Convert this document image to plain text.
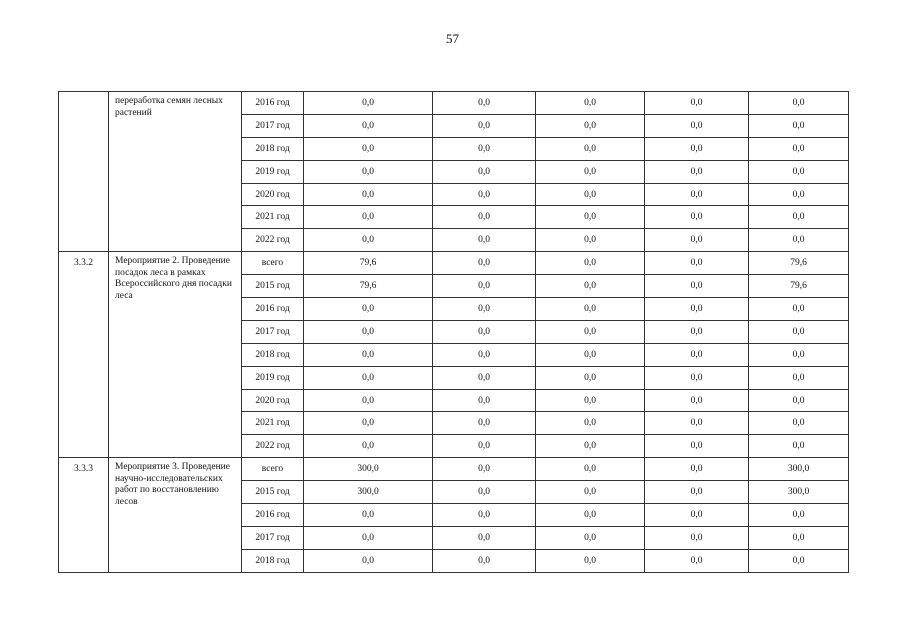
57
	переработка семян лесных растений	2016 год	0,0	0,0	0,0	0,0	0,0
		2017 год	0,0	0,0	0,0	0,0	0,0
		2018 год	0,0	0,0	0,0	0,0	0,0
		2019 год	0,0	0,0	0,0	0,0	0,0
		2020 год	0,0	0,0	0,0	0,0	0,0
		2021 год	0,0	0,0	0,0	0,0	0,0
		2022 год	0,0	0,0	0,0	0,0	0,0
3.3.2	Мероприятие 2. Проведение посадок леса в рамках Всероссийского дня посадки леса	всего	79,6	0,0	0,0	0,0	79,6
		2015 год	79,6	0,0	0,0	0,0	79,6
		2016 год	0,0	0,0	0,0	0,0	0,0
		2017 год	0,0	0,0	0,0	0,0	0,0
		2018 год	0,0	0,0	0,0	0,0	0,0
		2019 год	0,0	0,0	0,0	0,0	0,0
		2020 год	0,0	0,0	0,0	0,0	0,0
		2021 год	0,0	0,0	0,0	0,0	0,0
		2022 год	0,0	0,0	0,0	0,0	0,0
3.3.3	Мероприятие 3. Проведение научно-исследовательских работ по восстановлению лесов	всего	300,0	0,0	0,0	0,0	300,0
		2015 год	300,0	0,0	0,0	0,0	300,0
		2016 год	0,0	0,0	0,0	0,0	0,0
		2017 год	0,0	0,0	0,0	0,0	0,0
		2018 год	0,0	0,0	0,0	0,0	0,0
